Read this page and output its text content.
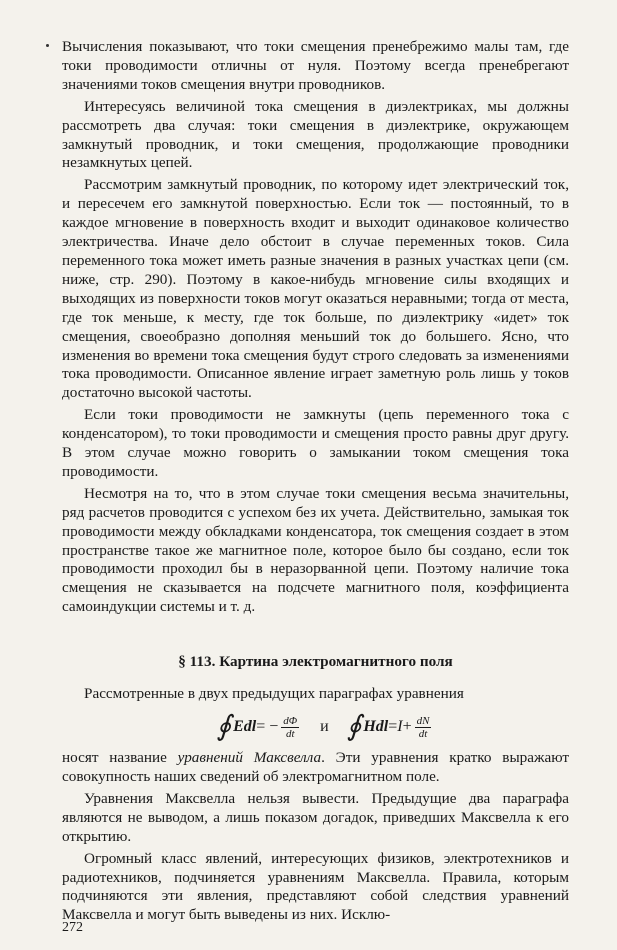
Вычисления показывают, что токи смещения пренебрежимо малы там, где токи проводимости отличны от нуля. Поэтому всегда пренебрегают значениями токов смещения внутри проводников.

Интересуясь величиной тока смещения в диэлектриках, мы должны рассмотреть два случая: токи смещения в диэлектрике, окружающем замкнутый проводник, и токи смещения, продолжающие проводники незамкнутых цепей.

Рассмотрим замкнутый проводник, по которому идет электрический ток, и пересечем его замкнутой поверхностью. Если ток — постоянный, то в каждое мгновение в поверхность входит и выходит одинаковое количество электричества. Иначе дело обстоит в случае переменных токов. Сила переменного тока может иметь разные значения в разных участках цепи (см. ниже, стр. 290). Поэтому в какое-нибудь мгновение силы входящих и выходящих из поверхности токов могут оказаться неравными; тогда от места, где ток меньше, к месту, где ток больше, по диэлектрику «идет» ток смещения, своеобразно дополняя меньший ток до большего. Ясно, что изменения во времени тока смещения будут строго следовать за изменениями тока проводимости. Описанное явление играет заметную роль лишь у токов достаточно высокой частоты.

Если токи проводимости не замкнуты (цепь переменного тока с конденсатором), то токи проводимости и смещения просто равны друг другу. В этом случае можно говорить о замыкании током смещения тока проводимости.

Несмотря на то, что в этом случае токи смещения весьма значительны, ряд расчетов проводится с успехом без их учета. Действительно, замыкая ток проводимости между обкладками конденсатора, ток смещения создает в этом пространстве такое же магнитное поле, которое было бы создано, если ток проводимости проходил бы в неразорванной цепи. Поэтому наличие тока смещения не сказывается на подсчете магнитного поля, коэффициента самоиндукции системы и т. д.

§ 113. Картина электромагнитного поля

Рассмотренные в двух предыдущих параграфах уравнения

∮ E dl = − $\frac{d\Phi}{dt}$ и ∮ H dl = $I + \frac{dN}{dt}$

носят название уравнений Максвелла. Эти уравнения кратко выражают совокупность наших сведений об электромагнитном поле.

Уравнения Максвелла нельзя вывести. Предыдущие два параграфа являются не выводом, а лишь показом догадок, приведших Максвелла к его открытию.

Огромный класс явлений, интересующих физиков, электротехников и радиотехников, подчиняется уравнениям Максвелла. Правила, которым подчиняются эти явления, представляют собой следствия уравнений Максвелла и могут быть выведены из них. Исклю-

272
